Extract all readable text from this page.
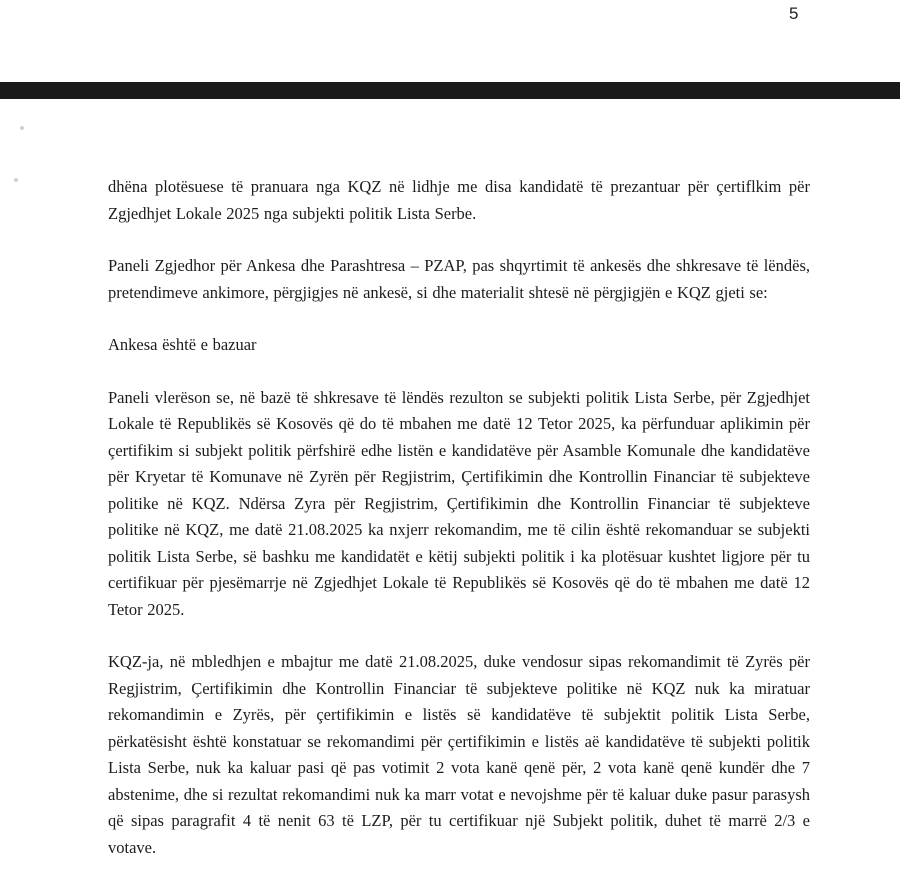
5

dhëna plotësuese të pranuara nga KQZ në lidhje me disa kandidatë të prezantuar për çertiflkim për Zgjedhjet Lokale 2025 nga subjekti politik Lista Serbe.

Paneli Zgjedhor për Ankesa dhe Parashtresa – PZAP, pas shqyrtimit të ankesës dhe shkresave të lëndës, pretendimeve ankimore, përgjigjes në ankesë, si dhe materialit shtesë në përgjigjën e KQZ gjeti se:

Ankesa është e bazuar

Paneli vlerëson se, në bazë të shkresave të lëndës rezulton se subjekti politik Lista Serbe, për Zgjedhjet Lokale të Republikës së Kosovës që do të mbahen me datë 12 Tetor 2025, ka përfunduar aplikimin për çertifikim si subjekt politik përfshirë edhe listën e kandidatëve për Asamble Komunale dhe kandidatëve për Kryetar të Komunave në Zyrën për Regjistrim, Çertifikimin dhe Kontrollin Financiar të subjekteve politike në KQZ. Ndërsa Zyra për Regjistrim, Çertifikimin dhe Kontrollin Financiar të subjekteve politike në KQZ, me datë 21.08.2025 ka nxjerr rekomandim, me të cilin është rekomanduar se subjekti politik Lista Serbe, së bashku me kandidatët e këtij subjekti politik i ka plotësuar kushtet ligjore për tu certifikuar për pjesëmarrje në Zgjedhjet Lokale të Republikës së Kosovës që do të mbahen me datë 12 Tetor 2025.

KQZ-ja, në mbledhjen e mbajtur me datë 21.08.2025, duke vendosur sipas rekomandimit të Zyrës për Regjistrim, Çertifikimin dhe Kontrollin Financiar të subjekteve politike në KQZ nuk ka miratuar rekomandimin e Zyrës, për çertifikimin e listës së kandidatëve të subjektit politik Lista Serbe, përkatësisht është konstatuar se rekomandimi për çertifikimin e listës aë kandidatëve të subjekti politik Lista Serbe, nuk ka kaluar pasi që pas votimit 2 vota kanë qenë për, 2 vota kanë qenë kundër dhe 7 abstenime, dhe si rezultat rekomandimi nuk ka marr votat e nevojshme për të kaluar duke pasur parasysh që sipas paragrafit 4 të nenit 63 të LZP, për tu certifikuar një Subjekt politik, duhet të marrë 2/3 e votave.
